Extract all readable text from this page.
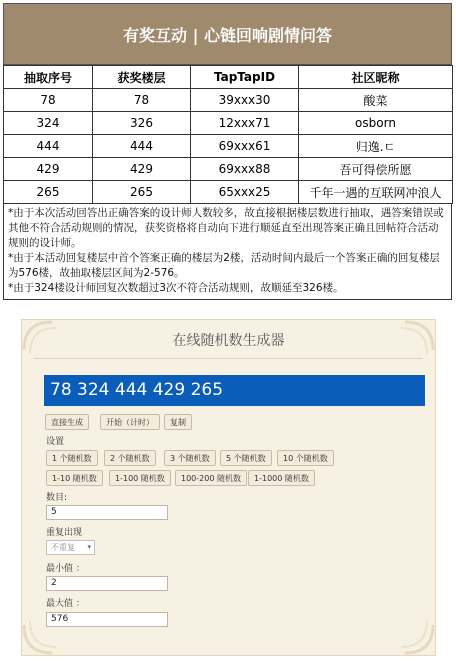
有奖互动 | 心链回响剧情问答
抽取序号	获奖楼层	TapTapID	社区昵称
78	78	39xxx30	酸菜
324	326	12xxx71	osborn
444	444	69xxx61	归逸.ㄷ
429	429	69xxx88	吾可得偿所愿
265	265	65xxx25	千年一遇的互联网冲浪人

*由于本次活动回答出正确答案的设计师人数较多，故直接根据楼层数进行抽取，遇答案错误或其他不符合活动规则的情况，获奖资格将自动向下进行顺延直至出现答案正确且回帖符合活动规则的设计师。

*由于本活动回复楼层中首个答案正确的楼层为2楼，活动时间内最后一个答案正确的回复楼层为576楼，故抽取楼层区间为2-576。

*由于324楼设计师回复次数超过3次不符合活动规则，故顺延至326楼。

在线随机数生成器
78 324 444 429 265
直接生成	开始（计时）	复制
设置
1 个随机数	2 个随机数	3 个随机数	5 个随机数	10 个随机数
1-10 随机数	1-100 随机数	100-200 随机数	1-1000 随机数
数目:
5
重复出现
不重复 ▾
最小值 ：
2
最大值 ：
576
